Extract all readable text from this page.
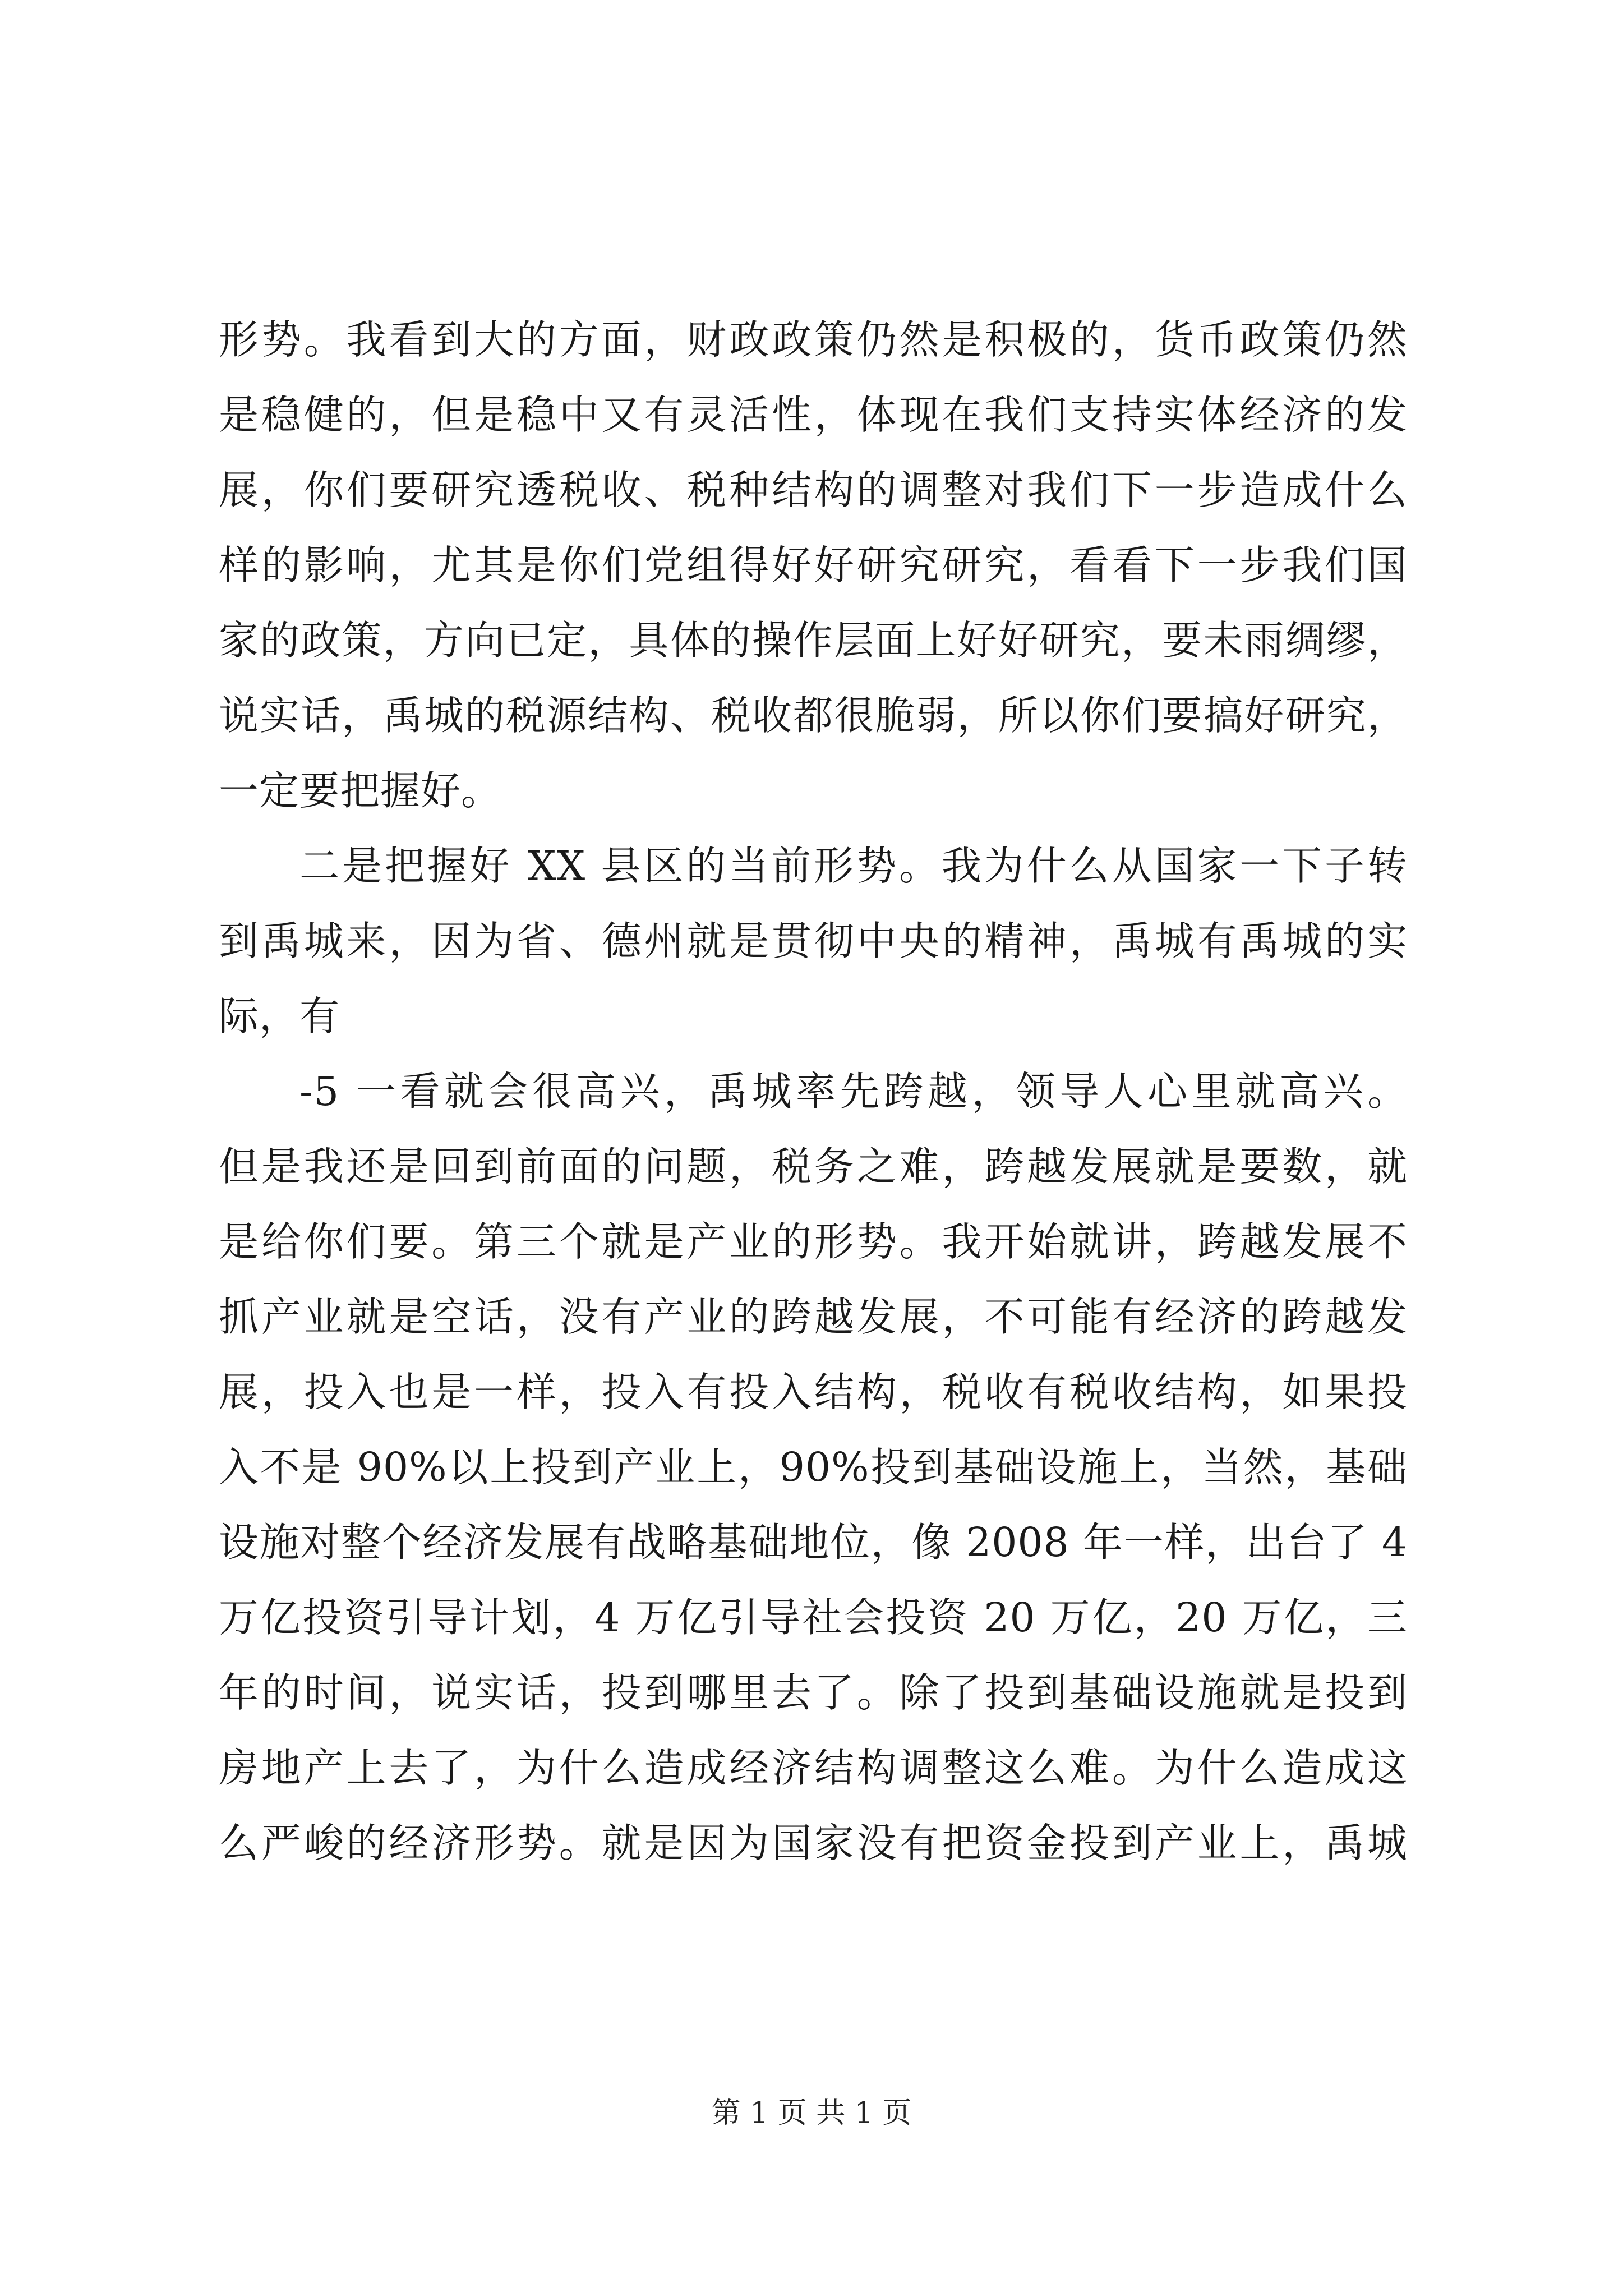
形势。我看到大的方面，财政政策仍然是积极的，货币政策仍然
是稳健的，但是稳中又有灵活性，体现在我们支持实体经济的发
展，你们要研究透税收、税种结构的调整对我们下一步造成什么
样的影响，尤其是你们党组得好好研究研究，看看下一步我们国
家的政策，方向已定，具体的操作层面上好好研究，要未雨绸缪，
说实话，禹城的税源结构、税收都很脆弱，所以你们要搞好研究，
一定要把握好。
二是把握好 XX 县区的当前形势。我为什么从国家一下子转
到禹城来，因为省、德州就是贯彻中央的精神，禹城有禹城的实
际，有
-5 一看就会很高兴，禹城率先跨越，领导人心里就高兴。
但是我还是回到前面的问题，税务之难，跨越发展就是要数，就
是给你们要。第三个就是产业的形势。我开始就讲，跨越发展不
抓产业就是空话，没有产业的跨越发展，不可能有经济的跨越发
展，投入也是一样，投入有投入结构，税收有税收结构，如果投
入不是 90%以上投到产业上，90%投到基础设施上，当然，基础
设施对整个经济发展有战略基础地位，像 2008 年一样，出台了 4
万亿投资引导计划，4 万亿引导社会投资 20 万亿，20 万亿，三
年的时间，说实话，投到哪里去了。除了投到基础设施就是投到
房地产上去了，为什么造成经济结构调整这么难。为什么造成这
么严峻的经济形势。就是因为国家没有把资金投到产业上，禹城
第 1 页 共 1 页
